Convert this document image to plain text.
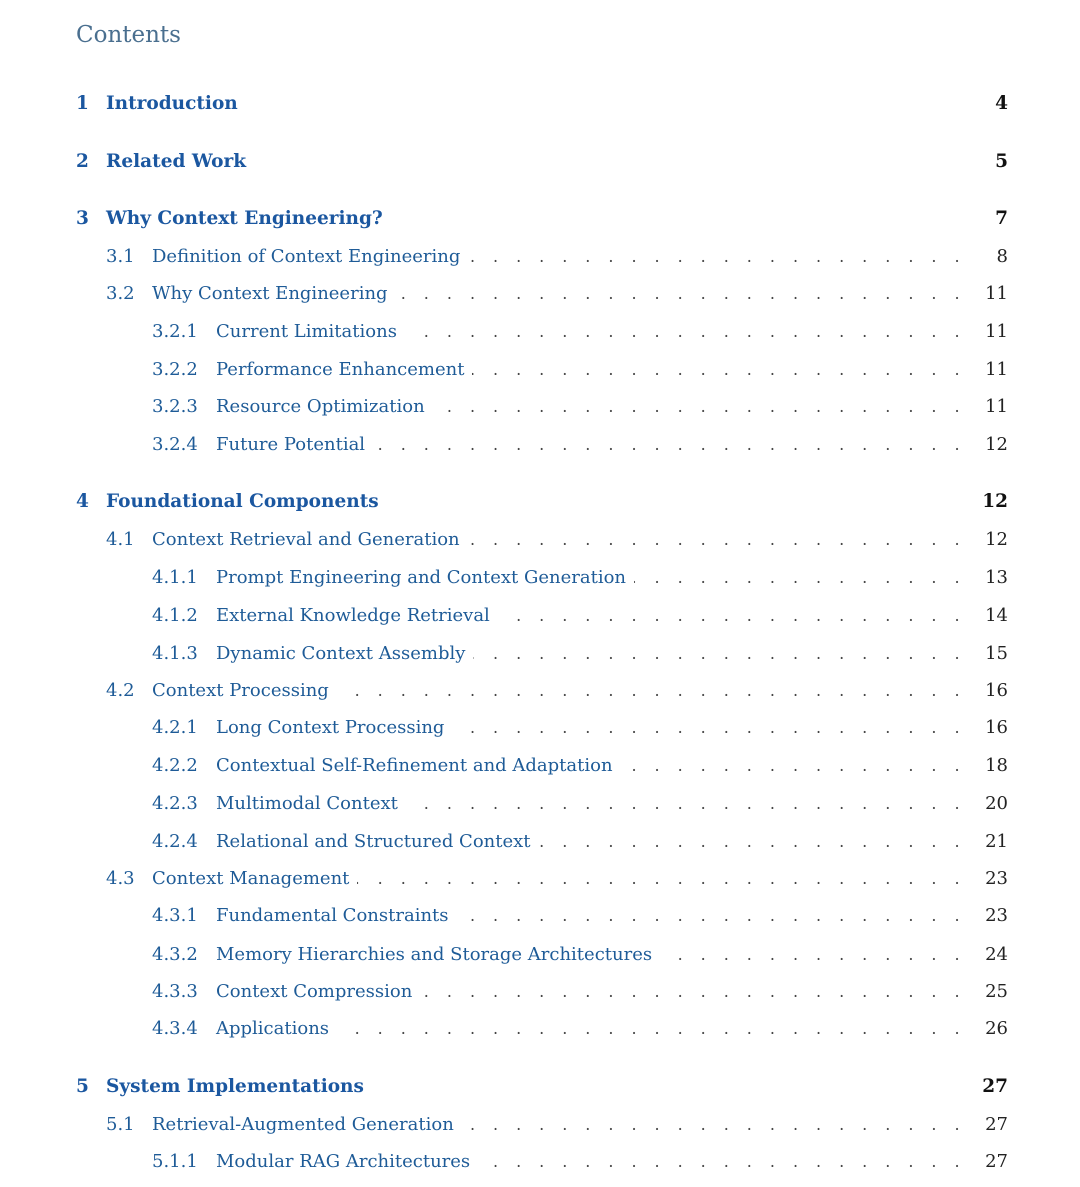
Contents
1 Introduction	4
2 Related Work	5
3 Why Context Engineering?	7
3.1 Definition of Context Engineering	8
. . .
3.2 Why Context Engineering	11
. . .
3.2.1 Current Limitations	11
. . .
3.2.2 Performance Enhancement	11
. . .
3.2.3 Resource Optimization	11
. . .
3.2.4 Future Potential	12
. . .
4 Foundational Components	12
4.1 Context Retrieval and Generation	12
. . .
4.1.1 Prompt Engineering and Context Generation	13
. . .
4.1.2 External Knowledge Retrieval	14
. . .
4.1.3 Dynamic Context Assembly	15
. . .
4.2 Context Processing	16
. . .
4.2.1 Long Context Processing	16
. . .
4.2.2 Contextual Self-Refinement and Adaptation	18
. . .
4.2.3 Multimodal Context	20
. . .
4.2.4 Relational and Structured Context	21
. . .
4.3 Context Management	23
. . .
4.3.1 Fundamental Constraints	23
. . .
4.3.2 Memory Hierarchies and Storage Architectures	24
. . .
4.3.3 Context Compression	25
. . .
4.3.4 Applications	26
. . .
5 System Implementations	27
5.1 Retrieval-Augmented Generation	27
. . .
5.1.1 Modular RAG Architectures	27
. . .
